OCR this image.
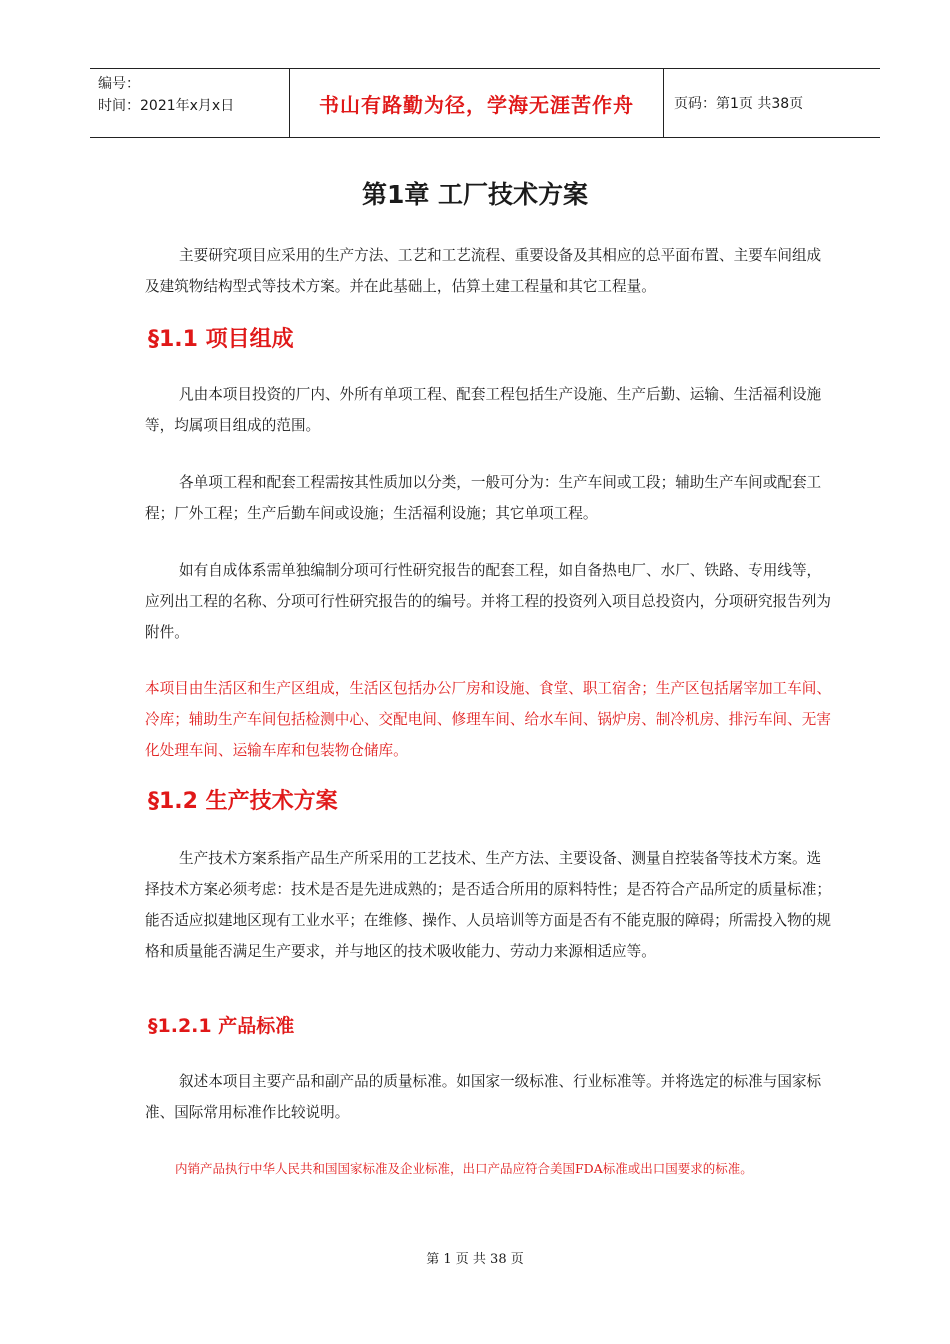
编号：
时间：2021年x月x日	书山有路勤为径，学海无涯苦作舟	页码：第1页 共38页
第1章 工厂技术方案

主要研究项目应采用的生产方法、工艺和工艺流程、重要设备及其相应的总平面布置、主要车间组成及建筑物结构型式等技术方案。并在此基础上，估算土建工程量和其它工程量。

§1.1 项目组成

凡由本项目投资的厂内、外所有单项工程、配套工程包括生产设施、生产后勤、运输、生活福利设施等，均属项目组成的范围。

各单项工程和配套工程需按其性质加以分类，一般可分为：生产车间或工段；辅助生产车间或配套工程；厂外工程；生产后勤车间或设施；生活福利设施；其它单项工程。

如有自成体系需单独编制分项可行性研究报告的配套工程，如自备热电厂、水厂、铁路、专用线等，应列出工程的名称、分项可行性研究报告的的编号。并将工程的投资列入项目总投资内，分项研究报告列为附件。

本项目由生活区和生产区组成，生活区包括办公厂房和设施、食堂、职工宿舍；生产区包括屠宰加工车间、冷库；辅助生产车间包括检测中心、交配电间、修理车间、给水车间、锅炉房、制冷机房、排污车间、无害化处理车间、运输车库和包装物仓储库。

§1.2 生产技术方案

生产技术方案系指产品生产所采用的工艺技术、生产方法、主要设备、测量自控装备等技术方案。选择技术方案必须考虑：技术是否是先进成熟的；是否适合所用的原料特性；是否符合产品所定的质量标准；能否适应拟建地区现有工业水平；在维修、操作、人员培训等方面是否有不能克服的障碍；所需投入物的规格和质量能否满足生产要求，并与地区的技术吸收能力、劳动力来源相适应等。

§1.2.1 产品标准

叙述本项目主要产品和副产品的质量标准。如国家一级标准、行业标准等。并将选定的标准与国家标准、国际常用标准作比较说明。

内销产品执行中华人民共和国国家标准及企业标准，出口产品应符合美国FDA标准或出口国要求的标准。

第 1 页 共 38 页
